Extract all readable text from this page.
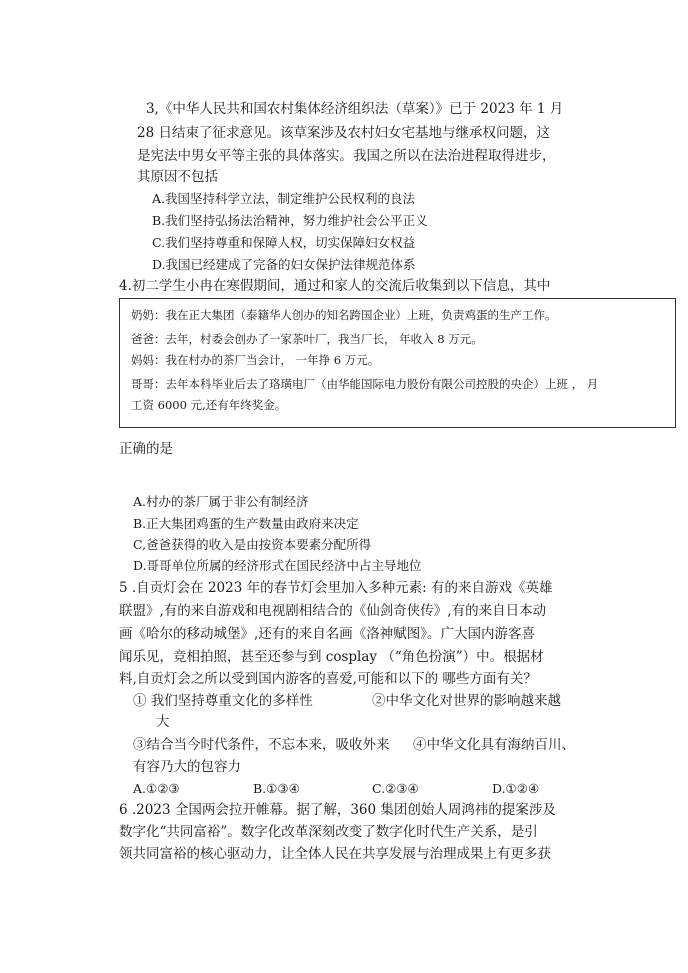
3,《中华人民共和国农村集体经济组织法（草案）》已于 2023 年 1 月
28 日结束了征求意见。该草案涉及农村妇女宅基地与继承权问题，这
是宪法中男女平等主张的具体落实。我国之所以在法治进程取得进步，
其原因不包括
A.我国坚持科学立法，制定维护公民权利的良法
B.我们坚持弘扬法治精神，努力维护社会公平正义
C.我们坚持尊重和保障人权，切实保障妇女权益
D.我国已经建成了完备的妇女保护法律规范体系
4.初二学生小冉在寒假期间，通过和家人的交流后收集到以下信息，其中
奶奶：我在正大集团（泰籍华人创办的知名跨国企业）上班，负责鸡蛋的生产工作。
爸爸：去年，村委会创办了一家茶叶厂，我当厂长， 年收入 8 万元。
妈妈：我在村办的茶厂当会计， 一年挣 6 万元。
哥哥：去年本科毕业后去了珞璜电厂（由华能国际电力股份有限公司控股的央企）上班 ， 月
工资 6000 元,还有年终奖金。
正确的是
A.村办的茶厂属于非公有制经济
B.正大集团鸡蛋的生产数量由政府来决定
C,爸爸获得的收入是由按资本要素分配所得
D.哥哥单位所属的经济形式在国民经济中占主导地位
5 .自贡灯会在 2023 年的春节灯会里加入多种元素: 有的来自游戏《英雄
联盟》,有的来自游戏和电视剧相结合的《仙剑奇侠传》,有的来自日本动
画《哈尔的移动城堡》,还有的来自名画《洛神赋图》。广大国内游客喜
闻乐见，竞相拍照，甚至还参与到 cosplay （“角色扮演”）中。根据材
料,自贡灯会之所以受到国内游客的喜爱,可能和以下的 哪些方面有关？
① 我们坚持尊重文化的多样性	②中华文化对世界的影响越来越
大
③结合当今时代条件，不忘本来，吸收外来 ④中华文化具有海纳百川、
有容乃大的包容力
A.①②③	B.①③④	C.②③④	D.①②④
6 .2023 全国两会拉开帷幕。据了解，360 集团创始人周鸿祎的提案涉及
数字化“共同富裕”。数字化改革深刻改变了数字化时代生产关系，是引
领共同富裕的核心驱动力，让全体人民在共享发展与治理成果上有更多获
